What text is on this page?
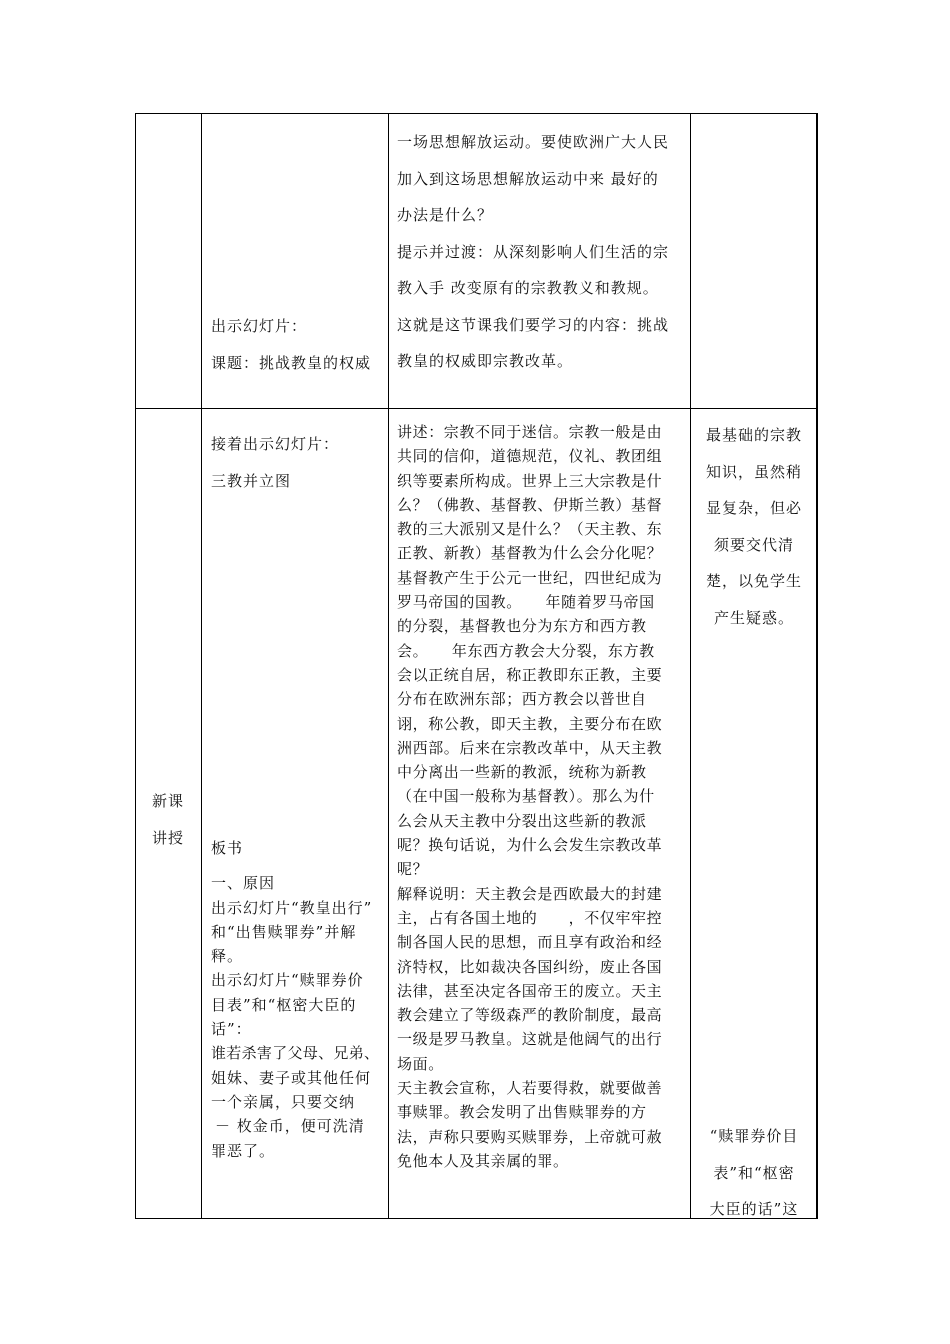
出示幻灯片：
课题：挑战教皇的权威
一场思想解放运动。要使欧洲广大人民
加入到这场思想解放运动中来 最好的
办法是什么？
提示并过渡：从深刻影响人们生活的宗
教入手 改变原有的宗教教义和教规。
这就是这节课我们要学习的内容：挑战
教皇的权威即宗教改革。
新课
讲授
接着出示幻灯片：
三教并立图
板书
一、原因
出示幻灯片“教皇出行”
和“出售赎罪券”并解
释。
出示幻灯片“赎罪券价
目表”和“枢密大臣的
话”：
谁若杀害了父母、兄弟、
姐妹、妻子或其他任何
一个亲属，只要交纳
－ 枚金币，便可洗清
罪恶了。
讲述：宗教不同于迷信。宗教一般是由
共同的信仰，道德规范，仪礼、教团组
织等要素所构成。世界上三大宗教是什
么？（佛教、基督教、伊斯兰教）基督
教的三大派别又是什么？（天主教、东
正教、新教）基督教为什么会分化呢？
基督教产生于公元一世纪，四世纪成为
罗马帝国的国教。　　年随着罗马帝国
的分裂，基督教也分为东方和西方教
会。　　年东西方教会大分裂，东方教
会以正统自居，称正教即东正教，主要
分布在欧洲东部；西方教会以普世自
诩，称公教，即天主教，主要分布在欧
洲西部。后来在宗教改革中，从天主教
中分离出一些新的教派，统称为新教
（在中国一般称为基督教）。那么为什
么会从天主教中分裂出这些新的教派
呢？换句话说，为什么会发生宗教改革
呢？
解释说明：天主教会是西欧最大的封建
主，占有各国土地的　　，不仅牢牢控
制各国人民的思想，而且享有政治和经
济特权，比如裁决各国纠纷，废止各国
法律，甚至决定各国帝王的废立。天主
教会建立了等级森严的教阶制度，最高
一级是罗马教皇。这就是他阔气的出行
场面。
天主教会宣称，人若要得救，就要做善
事赎罪。教会发明了出售赎罪券的方
法，声称只要购买赎罪券，上帝就可赦
免他本人及其亲属的罪。
最基础的宗教
知识，虽然稍
显复杂，但必
须要交代清
楚，以免学生
产生疑惑。
“赎罪券价目
表”和“枢密
大臣的话”这
